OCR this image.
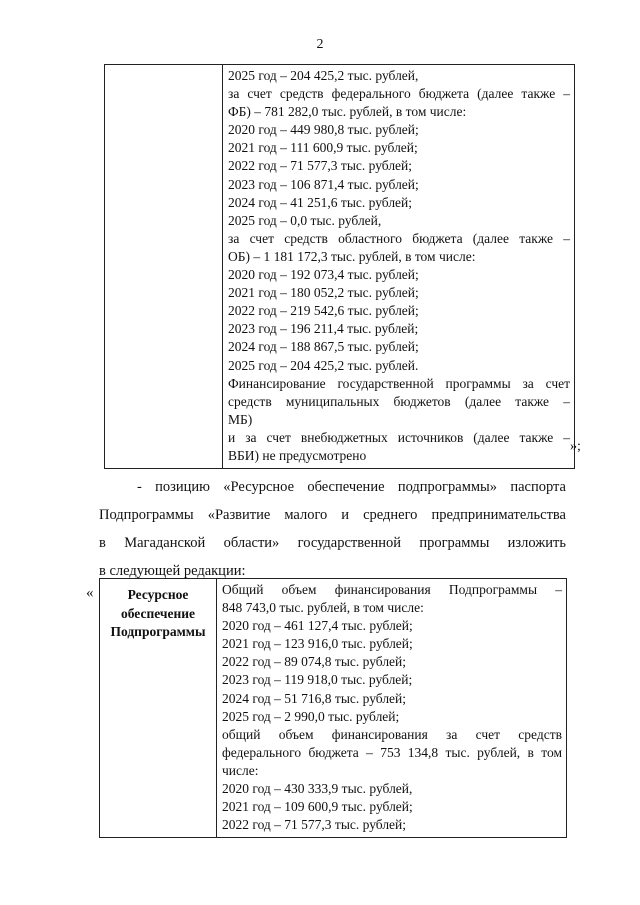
2

2025 год – 204 425,2 тыс. рублей,
за счет средств федерального бюджета (далее также –
ФБ) – 781 282,0 тыс. рублей, в том числе:
2020 год – 449 980,8 тыс. рублей;
2021 год – 111 600,9 тыс. рублей;
2022 год – 71 577,3 тыс. рублей;
2023 год – 106 871,4 тыс. рублей;
2024 год – 41 251,6 тыс. рублей;
2025 год – 0,0 тыс. рублей,
за счет средств областного бюджета (далее также –
ОБ) – 1 181 172,3 тыс. рублей, в том числе:
2020 год – 192 073,4 тыс. рублей;
2021 год – 180 052,2 тыс. рублей;
2022 год – 219 542,6 тыс. рублей;
2023 год – 196 211,4 тыс. рублей;
2024 год – 188 867,5 тыс. рублей;
2025 год – 204 425,2 тыс. рублей.
Финансирование государственной программы за счет
средств муниципальных бюджетов (далее также –
МБ)
и за счет внебюджетных источников (далее также –
ВБИ) не предусмотрено
»;
- позицию «Ресурсное обеспечение подпрограммы» паспорта
Подпрограммы «Развитие малого и среднего предпринимательства
в Магаданской области» государственной программы изложить
в следующей редакции:
«	Ресурсное обеспечение Подпрограммы

Общий объем финансирования Подпрограммы –
848 743,0 тыс. рублей, в том числе:
2020 год – 461 127,4 тыс. рублей;
2021 год – 123 916,0 тыс. рублей;
2022 год – 89 074,8 тыс. рублей;
2023 год – 119 918,0 тыс. рублей;
2024 год – 51 716,8 тыс. рублей;
2025 год – 2 990,0 тыс. рублей;
общий объем финансирования за счет средств
федерального бюджета – 753 134,8 тыс. рублей, в том
числе:
2020 год – 430 333,9 тыс. рублей,
2021 год – 109 600,9 тыс. рублей;
2022 год – 71 577,3 тыс. рублей;
